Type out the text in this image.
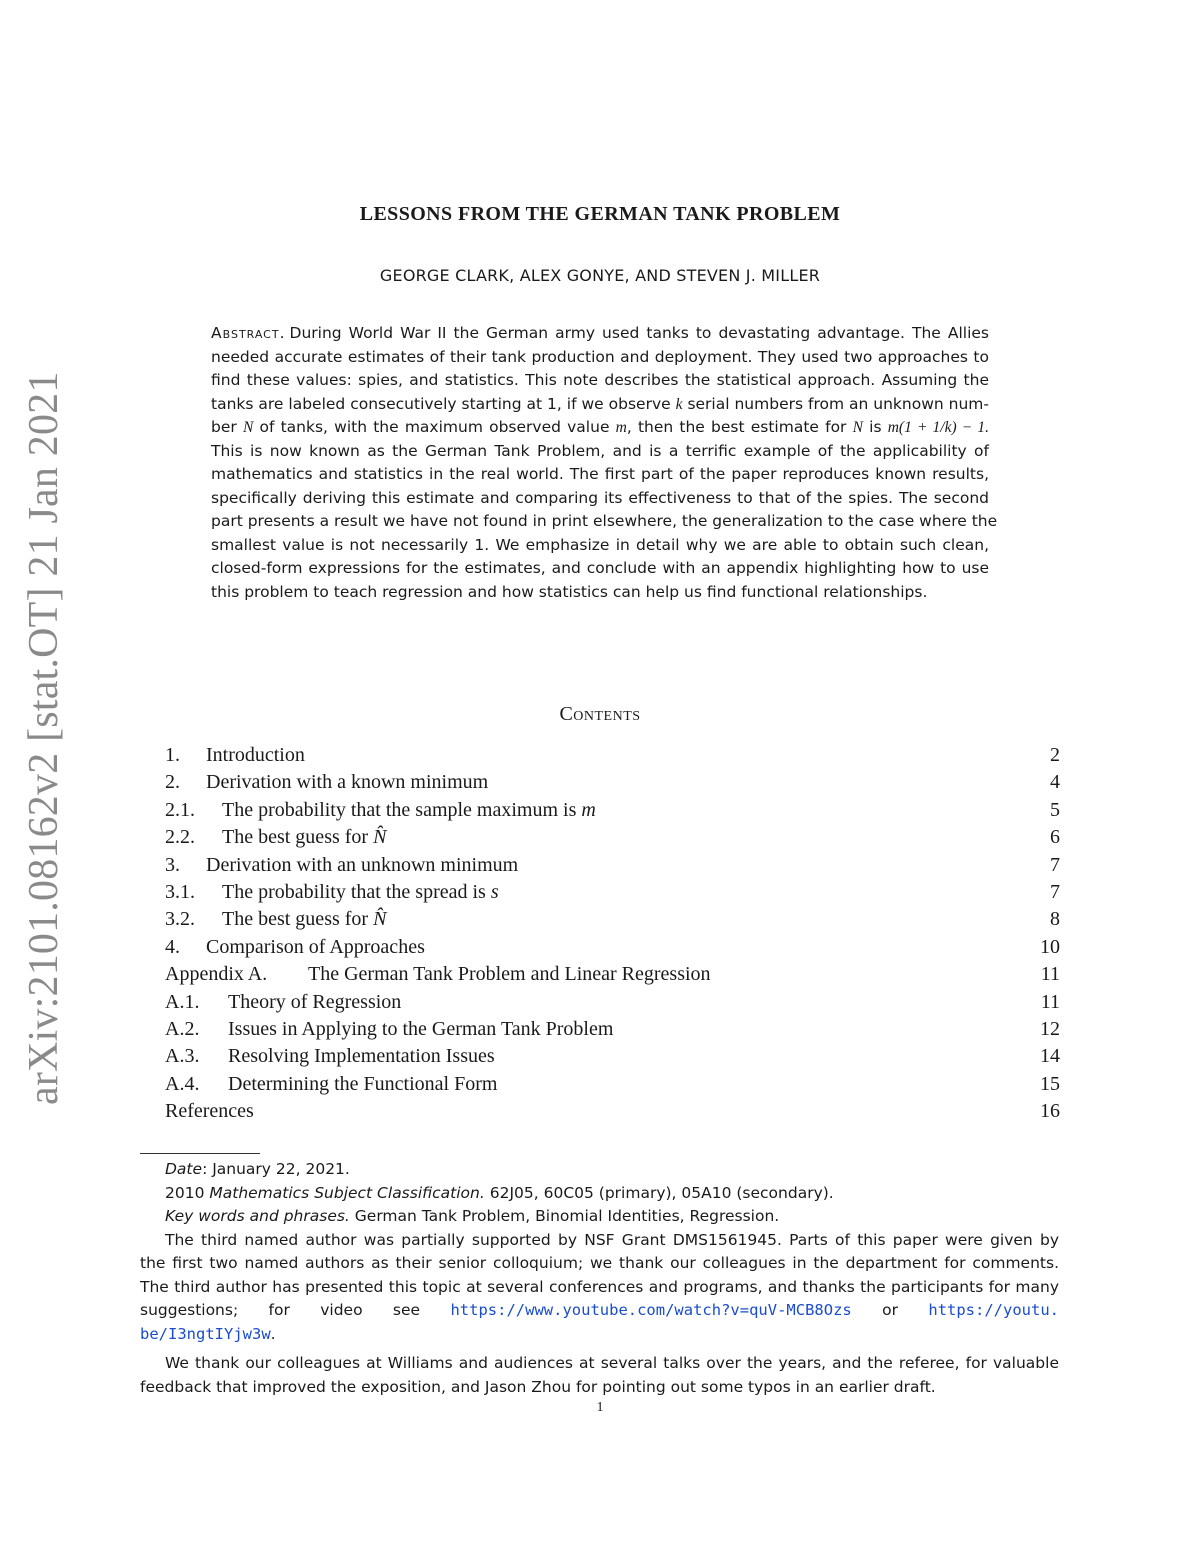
arXiv:2101.08162v2 [stat.OT] 21 Jan 2021
LESSONS FROM THE GERMAN TANK PROBLEM
GEORGE CLARK, ALEX GONYE, AND STEVEN J. MILLER
Abstract. During World War II the German army used tanks to devastating advantage. The Allies
needed accurate estimates of their tank production and deployment. They used two approaches to
find these values: spies, and statistics. This note describes the statistical approach. Assuming the
tanks are labeled consecutively starting at 1, if we observe k serial numbers from an unknown num-
ber N of tanks, with the maximum observed value m, then the best estimate for N is m(1 + 1/k) − 1.
This is now known as the German Tank Problem, and is a terrific example of the applicability of
mathematics and statistics in the real world. The first part of the paper reproduces known results,
specifically deriving this estimate and comparing its effectiveness to that of the spies. The second
part presents a result we have not found in print elsewhere, the generalization to the case where the
smallest value is not necessarily 1. We emphasize in detail why we are able to obtain such clean,
closed-form expressions for the estimates, and conclude with an appendix highlighting how to use
this problem to teach regression and how statistics can help us find functional relationships.
Contents
1. Introduction	2
2. Derivation with a known minimum	4
2.1. The probability that the sample maximum is m	5
2.2. The best guess for N̂	6
3. Derivation with an unknown minimum	7
3.1. The probability that the spread is s	7
3.2. The best guess for N̂	8
4. Comparison of Approaches	10
Appendix A. The German Tank Problem and Linear Regression	11
A.1. Theory of Regression	11
A.2. Issues in Applying to the German Tank Problem	12
A.3. Resolving Implementation Issues	14
A.4. Determining the Functional Form	15
References	16
Date: January 22, 2021.
2010 Mathematics Subject Classification. 62J05, 60C05 (primary), 05A10 (secondary).
Key words and phrases. German Tank Problem, Binomial Identities, Regression.
The third named author was partially supported by NSF Grant DMS1561945. Parts of this paper were given by
the first two named authors as their senior colloquium; we thank our colleagues in the department for comments.
The third author has presented this topic at several conferences and programs, and thanks the participants for many
suggestions; for video see https://www.youtube.com/watch?v=quV-MCB8Ozs or https://youtu.
be/I3ngtIYjw3w.
We thank our colleagues at Williams and audiences at several talks over the years, and the referee, for valuable
feedback that improved the exposition, and Jason Zhou for pointing out some typos in an earlier draft.
1
